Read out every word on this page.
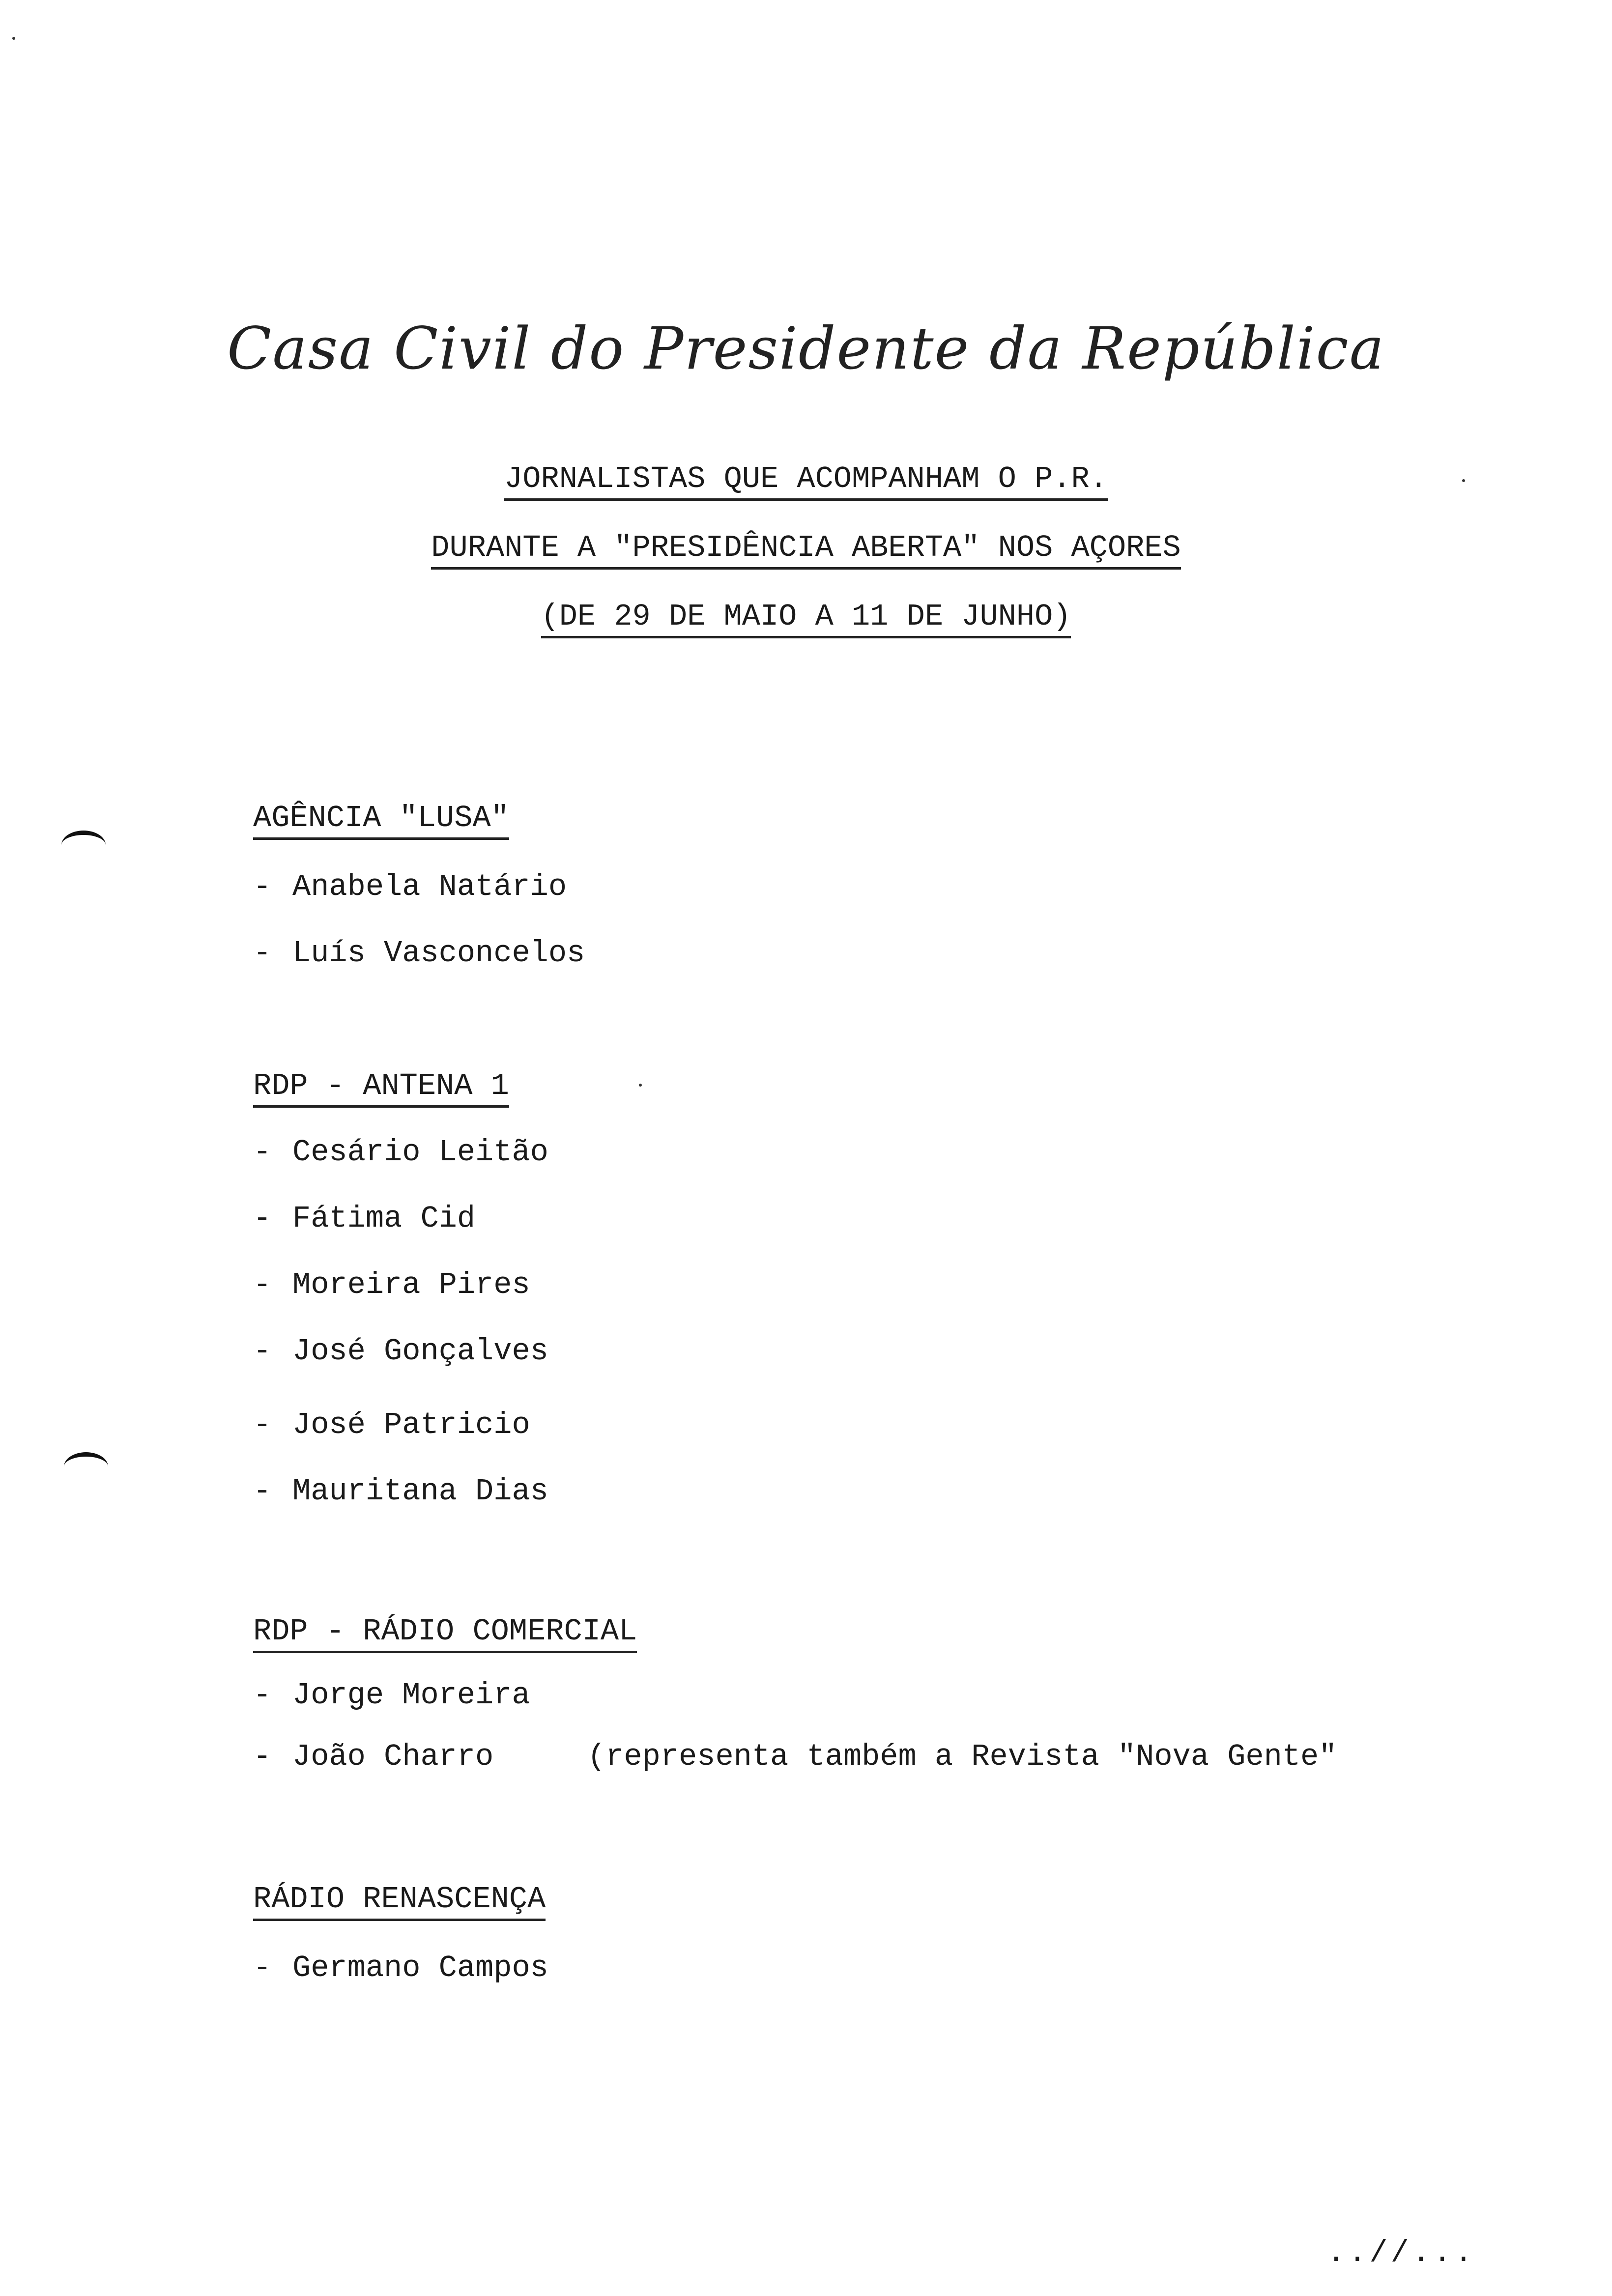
Casa Civil do Presidente da República
JORNALISTAS QUE ACOMPANHAM O P.R.
DURANTE A "PRESIDÊNCIA ABERTA" NOS AÇORES
(DE 29 DE MAIO A 11 DE JUNHO)
AGÊNCIA "LUSA"
- Anabela Natário
- Luís Vasconcelos
RDP - ANTENA 1
- Cesário Leitão
- Fátima Cid
- Moreira Pires
- José Gonçalves
- José Patricio
- Mauritana Dias
RDP - RÁDIO COMERCIAL
- Jorge Moreira
- João Charro	(representa também a Revista "Nova Gente"
RÁDIO RENASCENÇA
- Germano Campos
..//...
